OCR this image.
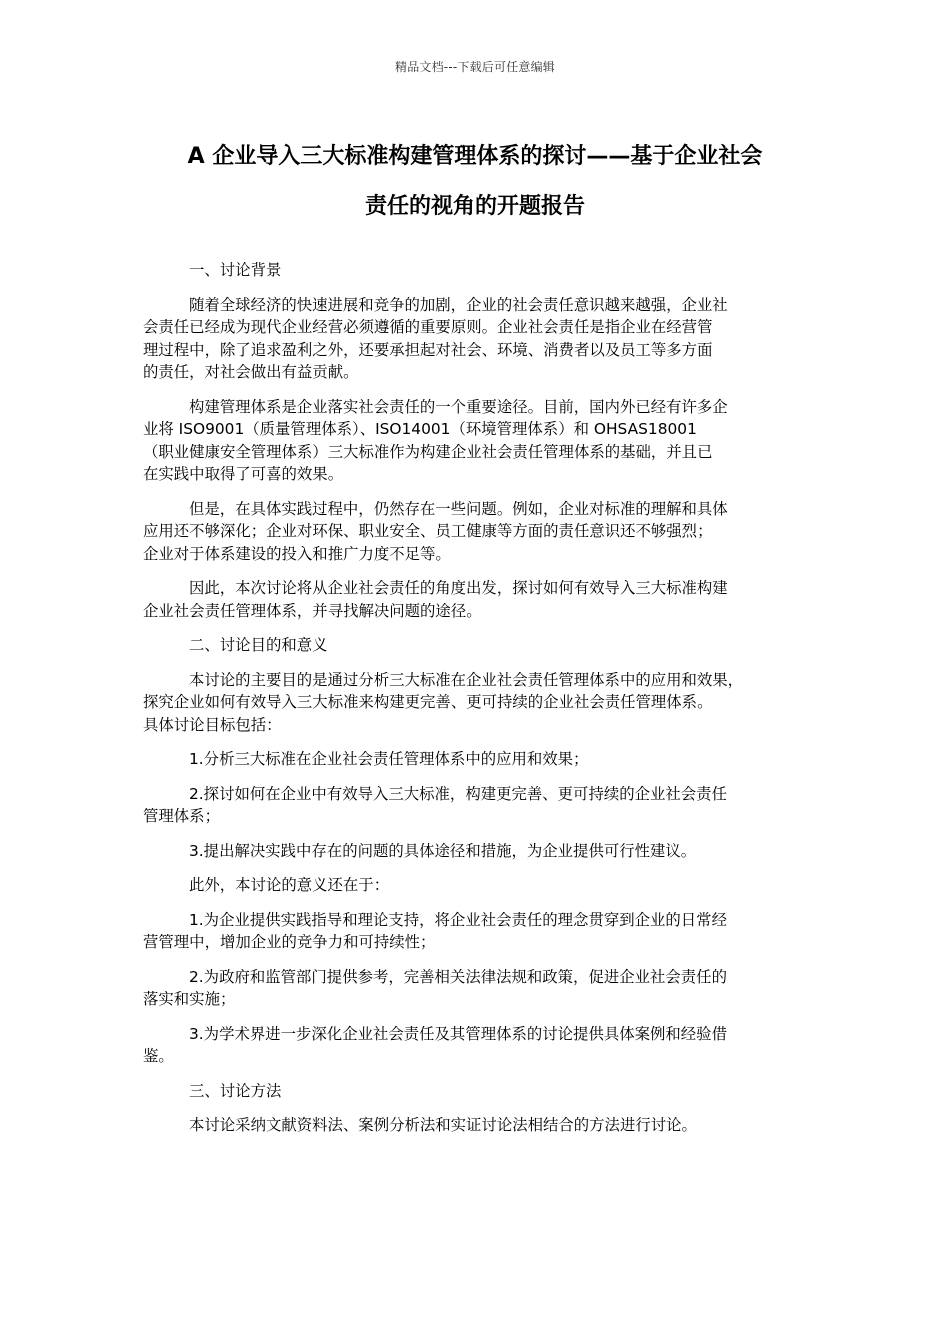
精品文档---下载后可任意编辑
A 企业导入三大标准构建管理体系的探讨——基于企业社会
责任的视角的开题报告

一、讨论背景

随着全球经济的快速进展和竞争的加剧，企业的社会责任意识越来越强，企业社
会责任已经成为现代企业经营必须遵循的重要原则。企业社会责任是指企业在经营管
理过程中，除了追求盈利之外，还要承担起对社会、环境、消费者以及员工等多方面
的责任，对社会做出有益贡献。

构建管理体系是企业落实社会责任的一个重要途径。目前，国内外已经有许多企
业将 ISO9001（质量管理体系）、ISO14001（环境管理体系）和 OHSAS18001
（职业健康安全管理体系）三大标准作为构建企业社会责任管理体系的基础，并且已
在实践中取得了可喜的效果。

但是，在具体实践过程中，仍然存在一些问题。例如，企业对标准的理解和具体
应用还不够深化；企业对环保、职业安全、员工健康等方面的责任意识还不够强烈；
企业对于体系建设的投入和推广力度不足等。

因此，本次讨论将从企业社会责任的角度出发，探讨如何有效导入三大标准构建
企业社会责任管理体系，并寻找解决问题的途径。

二、讨论目的和意义

本讨论的主要目的是通过分析三大标准在企业社会责任管理体系中的应用和效果，
探究企业如何有效导入三大标准来构建更完善、更可持续的企业社会责任管理体系。
具体讨论目标包括：

1.分析三大标准在企业社会责任管理体系中的应用和效果；

2.探讨如何在企业中有效导入三大标准，构建更完善、更可持续的企业社会责任
管理体系；

3.提出解决实践中存在的问题的具体途径和措施，为企业提供可行性建议。

此外，本讨论的意义还在于：

1.为企业提供实践指导和理论支持，将企业社会责任的理念贯穿到企业的日常经
营管理中，增加企业的竞争力和可持续性；

2.为政府和监管部门提供参考，完善相关法律法规和政策，促进企业社会责任的
落实和实施；

3.为学术界进一步深化企业社会责任及其管理体系的讨论提供具体案例和经验借
鉴。

三、讨论方法

本讨论采纳文献资料法、案例分析法和实证讨论法相结合的方法进行讨论。
